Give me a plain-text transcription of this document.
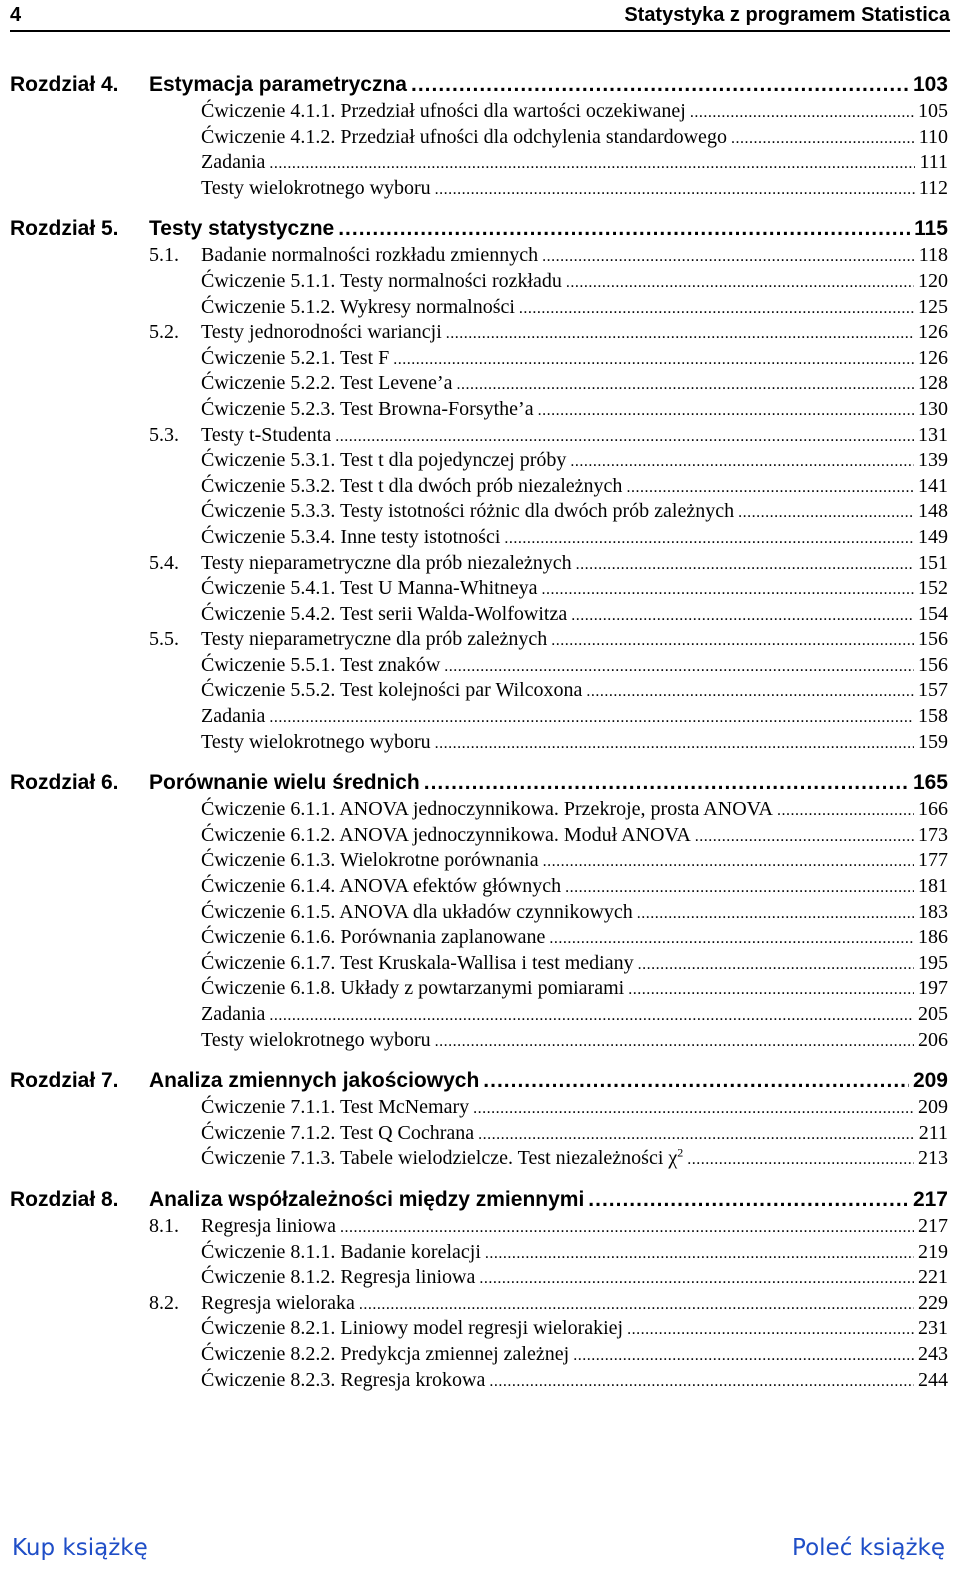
4	Statystyka z programem Statistica
Rozdział 4. Estymacja parametryczna .....	103
Ćwiczenie 4.1.1. Przedział ufności dla wartości oczekiwanej .....	105
Ćwiczenie 4.1.2. Przedział ufności dla odchylenia standardowego .....	110
Zadania .....	111
Testy wielokrotnego wyboru .....	112
Rozdział 5. Testy statystyczne .....	115
5.1. Badanie normalności rozkładu zmiennych .....	118
Ćwiczenie 5.1.1. Testy normalności rozkładu .....	120
Ćwiczenie 5.1.2. Wykresy normalności .....	125
5.2. Testy jednorodności wariancji .....	126
Ćwiczenie 5.2.1. Test F .....	126
Ćwiczenie 5.2.2. Test Levene’a .....	128
Ćwiczenie 5.2.3. Test Browna-Forsythe’a .....	130
5.3. Testy t-Studenta .....	131
Ćwiczenie 5.3.1. Test t dla pojedynczej próby .....	139
Ćwiczenie 5.3.2. Test t dla dwóch prób niezależnych .....	141
Ćwiczenie 5.3.3. Testy istotności różnic dla dwóch prób zależnych .....	148
Ćwiczenie 5.3.4. Inne testy istotności .....	149
5.4. Testy nieparametryczne dla prób niezależnych .....	151
Ćwiczenie 5.4.1. Test U Manna-Whitneya .....	152
Ćwiczenie 5.4.2. Test serii Walda-Wolfowitza .....	154
5.5. Testy nieparametryczne dla prób zależnych .....	156
Ćwiczenie 5.5.1. Test znaków .....	156
Ćwiczenie 5.5.2. Test kolejności par Wilcoxona .....	157
Zadania .....	158
Testy wielokrotnego wyboru .....	159
Rozdział 6. Porównanie wielu średnich .....	165
Ćwiczenie 6.1.1. ANOVA jednoczynnikowa. Przekroje, prosta ANOVA .....	166
Ćwiczenie 6.1.2. ANOVA jednoczynnikowa. Moduł ANOVA .....	173
Ćwiczenie 6.1.3. Wielokrotne porównania .....	177
Ćwiczenie 6.1.4. ANOVA efektów głównych .....	181
Ćwiczenie 6.1.5. ANOVA dla układów czynnikowych .....	183
Ćwiczenie 6.1.6. Porównania zaplanowane .....	186
Ćwiczenie 6.1.7. Test Kruskala-Wallisa i test mediany .....	195
Ćwiczenie 6.1.8. Układy z powtarzanymi pomiarami .....	197
Zadania .....	205
Testy wielokrotnego wyboru .....	206
Rozdział 7. Analiza zmiennych jakościowych .....	209
Ćwiczenie 7.1.1. Test McNemary .....	209
Ćwiczenie 7.1.2. Test Q Cochrana .....	211
Ćwiczenie 7.1.3. Tabele wielodzielcze. Test niezależności $\chi^2$ .....	213
Rozdział 8. Analiza współzależności między zmiennymi .....	217
8.1. Regresja liniowa .....	217
Ćwiczenie 8.1.1. Badanie korelacji .....	219
Ćwiczenie 8.1.2. Regresja liniowa .....	221
8.2. Regresja wieloraka .....	229
Ćwiczenie 8.2.1. Liniowy model regresji wielorakiej .....	231
Ćwiczenie 8.2.2. Predykcja zmiennej zależnej .....	243
Ćwiczenie 8.2.3. Regresja krokowa .....	244
Kup książkę	Poleć książkę
